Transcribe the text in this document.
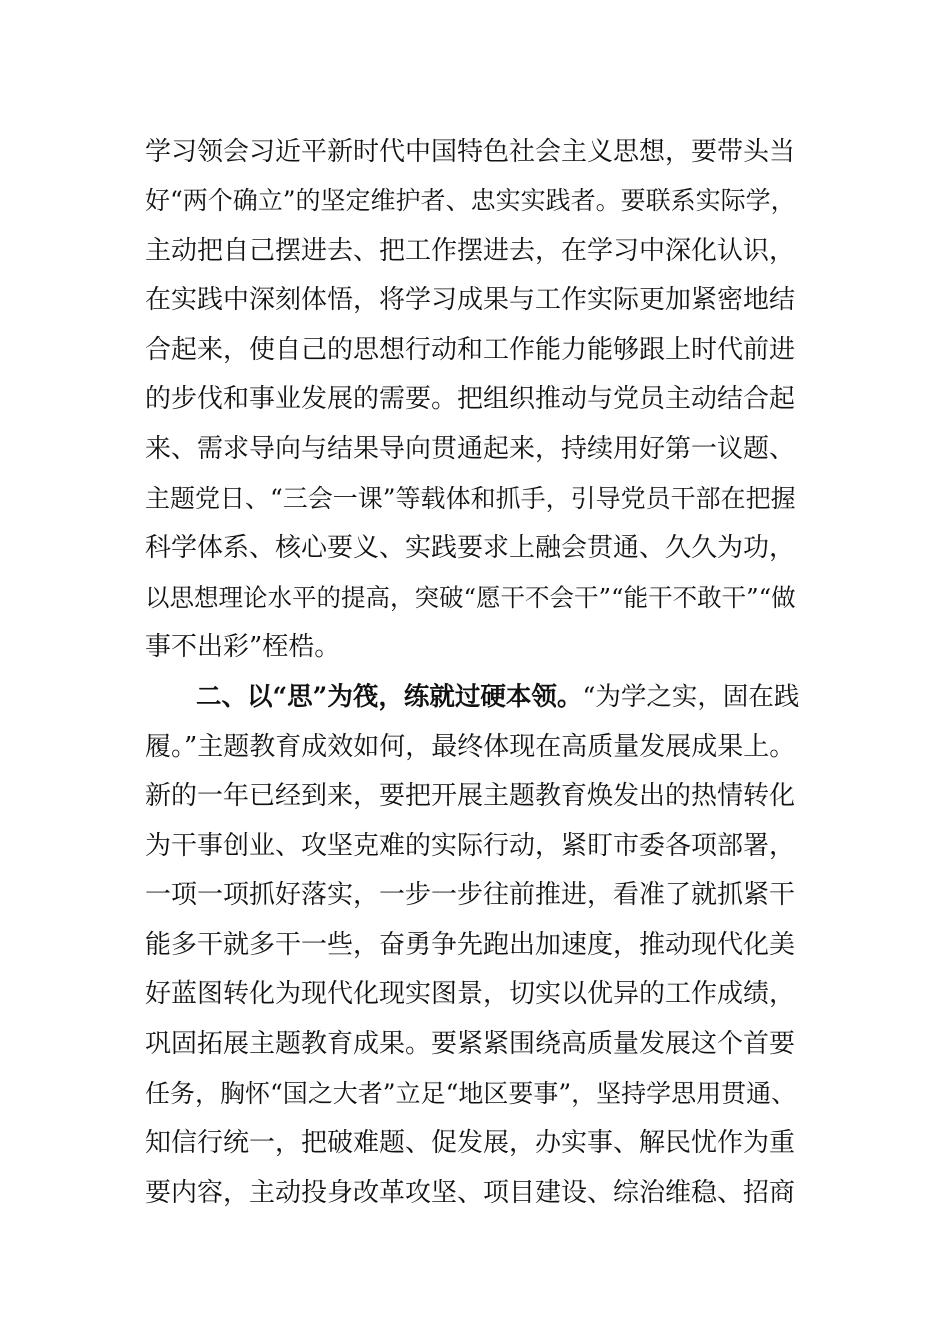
学习领会习近平新时代中国特色社会主义思想，要带头当
好“两个确立”的坚定维护者、忠实实践者。要联系实际学，
主动把自己摆进去、把工作摆进去，在学习中深化认识，
在实践中深刻体悟，将学习成果与工作实际更加紧密地结
合起来，使自己的思想行动和工作能力能够跟上时代前进
的步伐和事业发展的需要。把组织推动与党员主动结合起
来、需求导向与结果导向贯通起来，持续用好第一议题、
主题党日、“三会一课”等载体和抓手，引导党员干部在把握
科学体系、核心要义、实践要求上融会贯通、久久为功，
以思想理论水平的提高，突破“愿干不会干”“能干不敢干”“做
事不出彩”桎梏。
二、以“思”为筏，练就过硬本领。“为学之实，固在践
履。”主题教育成效如何，最终体现在高质量发展成果上。
新的一年已经到来，要把开展主题教育焕发出的热情转化
为干事创业、攻坚克难的实际行动，紧盯市委各项部署，
一项一项抓好落实，一步一步往前推进，看准了就抓紧干
能多干就多干一些，奋勇争先跑出加速度，推动现代化美
好蓝图转化为现代化现实图景，切实以优异的工作成绩，
巩固拓展主题教育成果。要紧紧围绕高质量发展这个首要
任务，胸怀“国之大者”立足“地区要事”，坚持学思用贯通、
知信行统一，把破难题、促发展，办实事、解民忧作为重
要内容，主动投身改革攻坚、项目建设、综治维稳、招商
